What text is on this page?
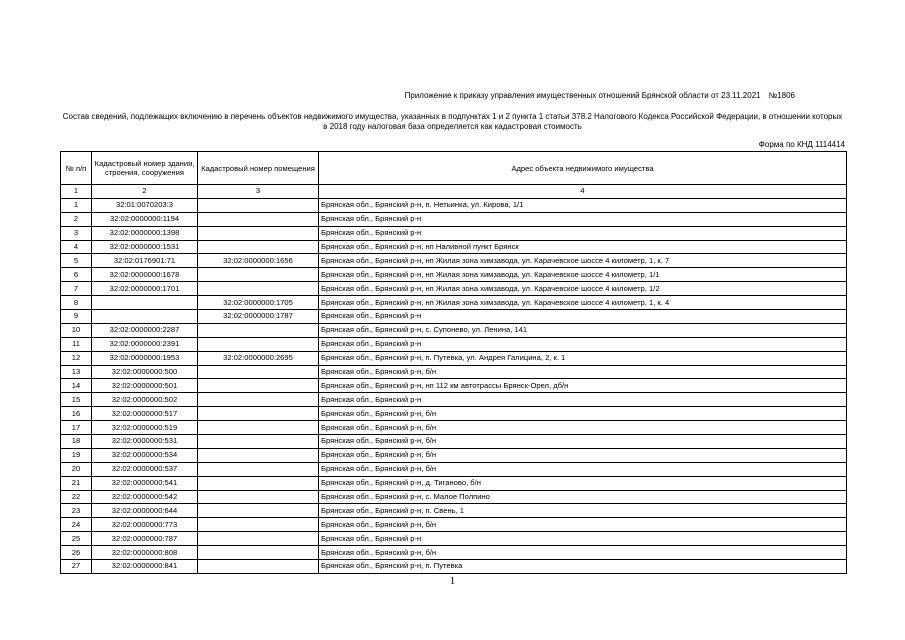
Приложение к приказу управления имущественных отношений Брянской области от 23.11.2021 №1806
Состав сведений, подлежащих включению в перечень объектов недвижимого имущества, указанных в подпунктах 1 и 2 пункта 1 статьи 378.2 Налогового Кодекса Российской Федерации, в отношении которых в 2018 году налоговая база определяется как кадастровая стоимость
Форма по КНД 1114414
№ п/п	Кадастровый номер здания, строения, сооружения	Кадастровый номер помещения	Адрес объекта недвижимого имущества
1	2	3	4
1	32:01:0070203:3		Брянская обл., Брянский р-н, п. Нетьинка, ул. Кирова, 1/1
2	32:02:0000000:1194		Брянская обл., Брянский р-н
3	32:02:0000000:1398		Брянская обл., Брянский р-н
4	32:02:0000000:1531		Брянская обл., Брянский р-н, нп Наливной пункт Брянск
5	32:02:0176901:71	32:02:0000000:1656	Брянская обл., Брянский р-н, нп Жилая зона химзавода, ул. Карачевское шоссе 4 километр, 1, к. 7
6	32:02:0000000:1678		Брянская обл., Брянский р-н, нп Жилая зона химзавода, ул. Карачевское шоссе 4 километр, 1/1
7	32:02:0000000:1701		Брянская обл., Брянский р-н, нп Жилая зона химзавода, ул. Карачевское шоссе 4 километр, 1/2
8		32:02:0000000:1705	Брянская обл., Брянский р-н, нп Жилая зона химзавода, ул. Карачевское шоссе 4 километр, 1, к. 4
9		32:02:0000000:1787	Брянская обл., Брянский р-н
10	32:02:0000000:2287		Брянская обл., Брянский р-н, с. Супонево, ул. Ленина, 141
11	32:02:0000000:2391		Брянская обл., Брянский р-н
12	32:02:0000000:1953	32:02:0000000:2695	Брянская обл., Брянский р-н, п. Путевка, ул. Андрея Галицина, 2, к. 1
13	32:02:0000000:500		Брянская обл., Брянский р-н, б/н
14	32:02:0000000:501		Брянская обл., Брянский р-н, нп 112 км автотрассы Брянск-Орел, дб/н
15	32:02:0000000:502		Брянская обл., Брянский р-н
16	32:02:0000000:517		Брянская обл., Брянский р-н, б/н
17	32:02:0000000:519		Брянская обл., Брянский р-н, б/н
18	32:02:0000000:531		Брянская обл., Брянский р-н, б/н
19	32:02:0000000:534		Брянская обл., Брянский р-н, б/н
20	32:02:0000000:537		Брянская обл., Брянский р-н, б/н
21	32:02:0000000:541		Брянская обл., Брянский р-н, д. Тиганово, б/н
22	32:02:0000000:542		Брянская обл., Брянский р-н, с. Малое Полпино
23	32:02:0000000:644		Брянская обл., Брянский р-н, п. Свень, 1
24	32:02:0000000:773		Брянская обл., Брянский р-н, б/н
25	32:02:0000000:787		Брянская обл., Брянский р-н
26	32:02:0000000:808		Брянская обл., Брянский р-н, б/н
27	32:02:0000000:841		Брянская обл., Брянский р-н, п. Путевка
1
